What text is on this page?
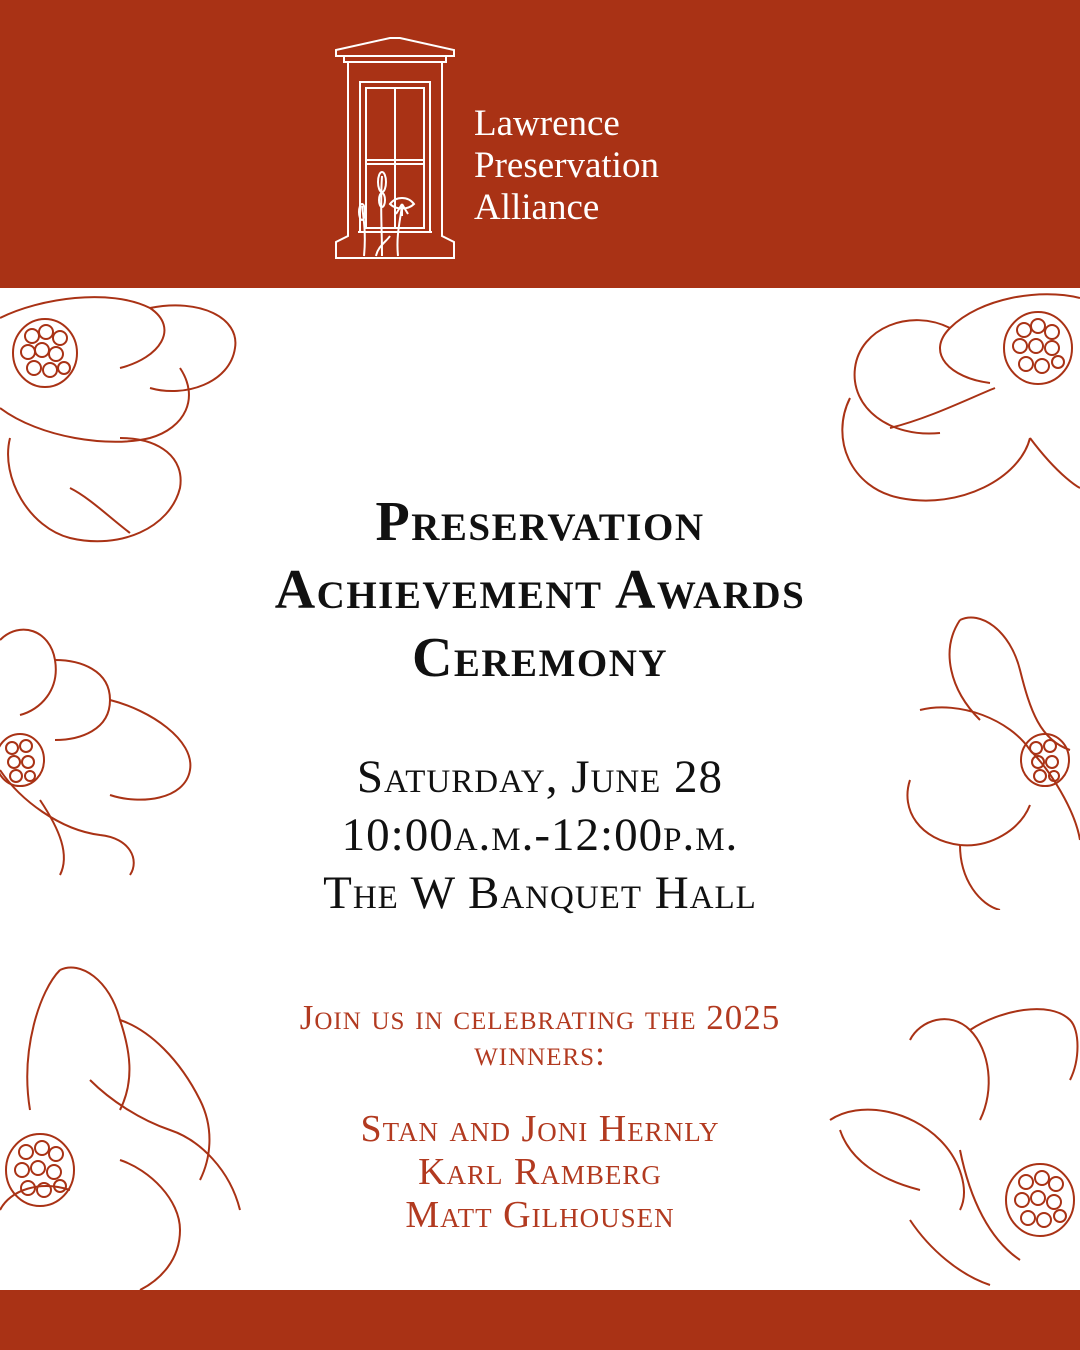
Lawrence
Preservation
Alliance
Preservation
Achievement Awards
Ceremony
Saturday, June 28
10:00a.m.-12:00p.m.
The W Banquet Hall
Join us in celebrating the 2025
winners:
Stan and Joni Hernly
Karl Ramberg
Matt Gilhousen
